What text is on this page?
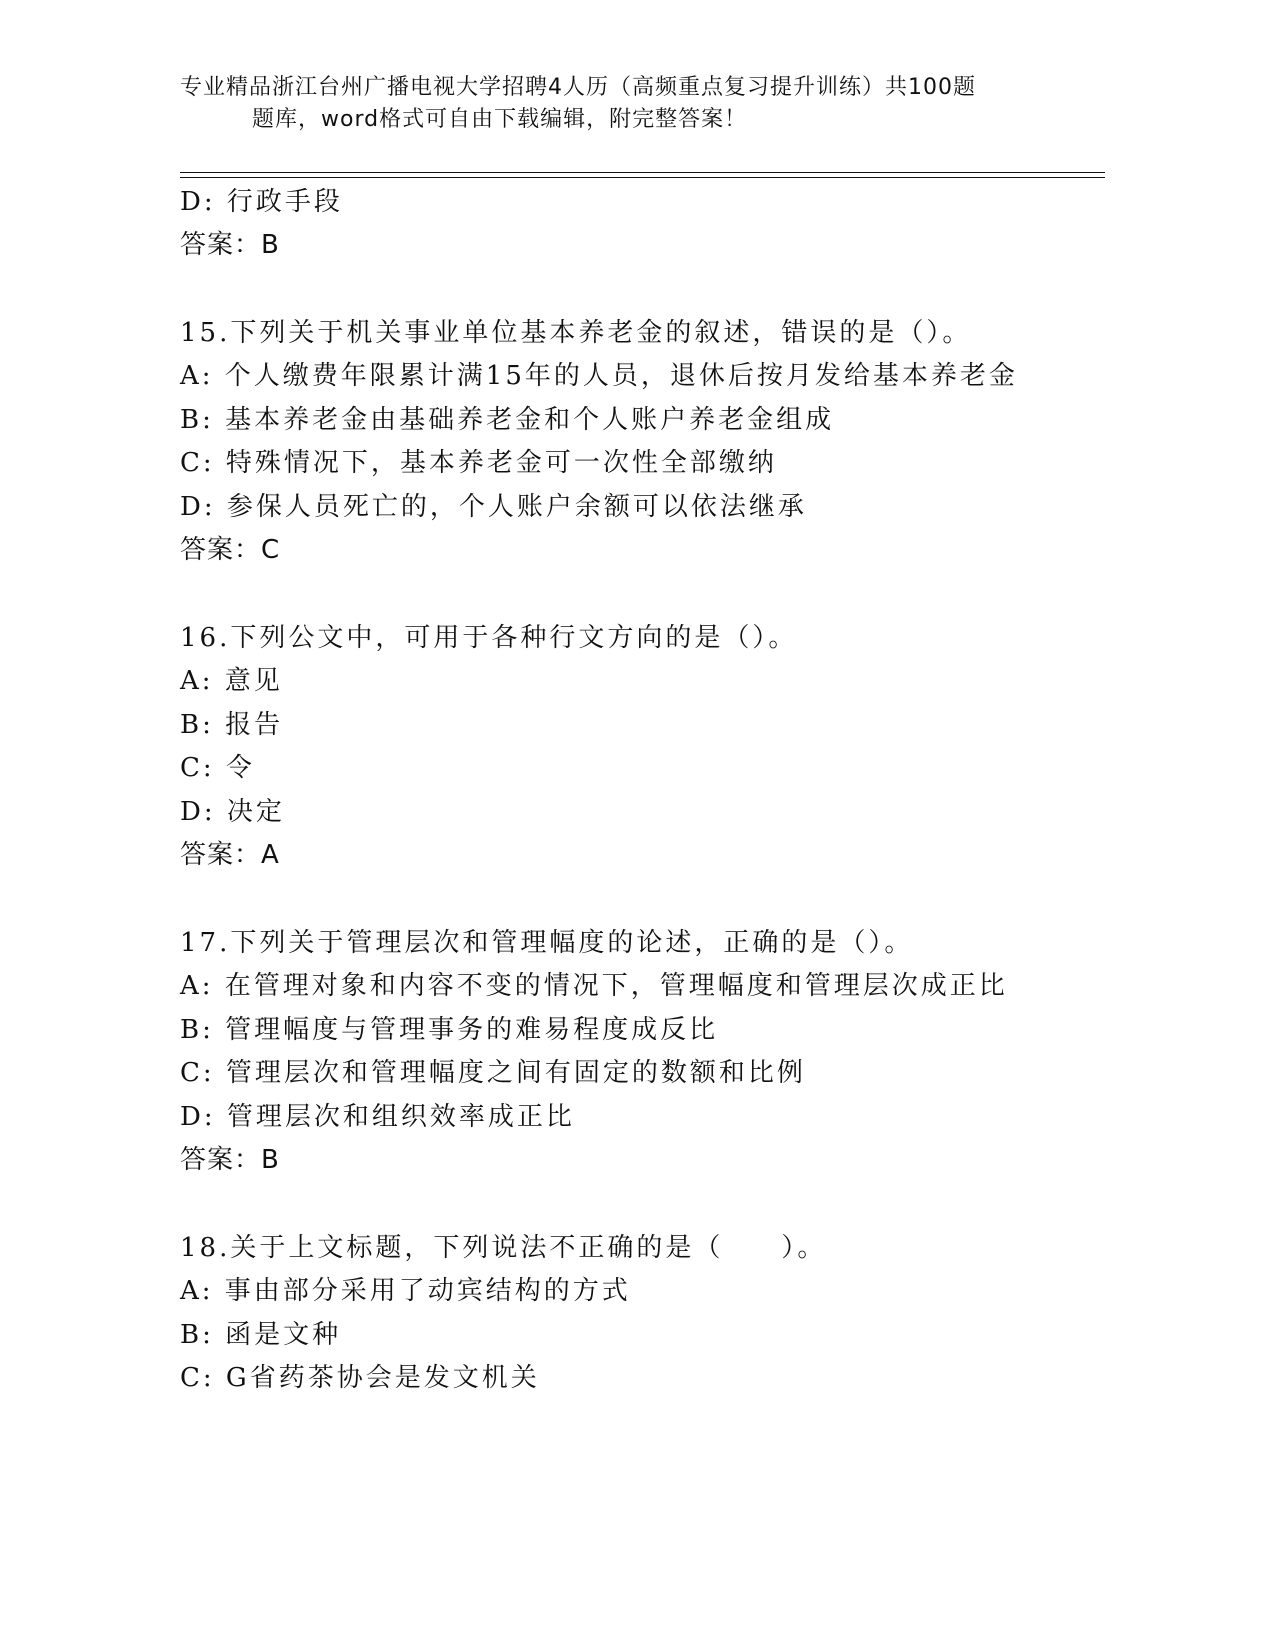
专业精品浙江台州广播电视大学招聘4人历（高频重点复习提升训练）共100题
题库，word格式可自由下载编辑，附完整答案！
D: 行政手段
答案：B
15.下列关于机关事业单位基本养老金的叙述，错误的是（）。
A: 个人缴费年限累计满15年的人员，退休后按月发给基本养老金
B: 基本养老金由基础养老金和个人账户养老金组成
C: 特殊情况下，基本养老金可一次性全部缴纳
D: 参保人员死亡的，个人账户余额可以依法继承
答案：C
16.下列公文中，可用于各种行文方向的是（）。
A: 意见
B: 报告
C: 令
D: 决定
答案：A
17.下列关于管理层次和管理幅度的论述，正确的是（）。
A: 在管理对象和内容不变的情况下，管理幅度和管理层次成正比
B: 管理幅度与管理事务的难易程度成反比
C: 管理层次和管理幅度之间有固定的数额和比例
D: 管理层次和组织效率成正比
答案：B
18.关于上文标题，下列说法不正确的是（　　）。
A: 事由部分采用了动宾结构的方式
B: 函是文种
C: G省药茶协会是发文机关
